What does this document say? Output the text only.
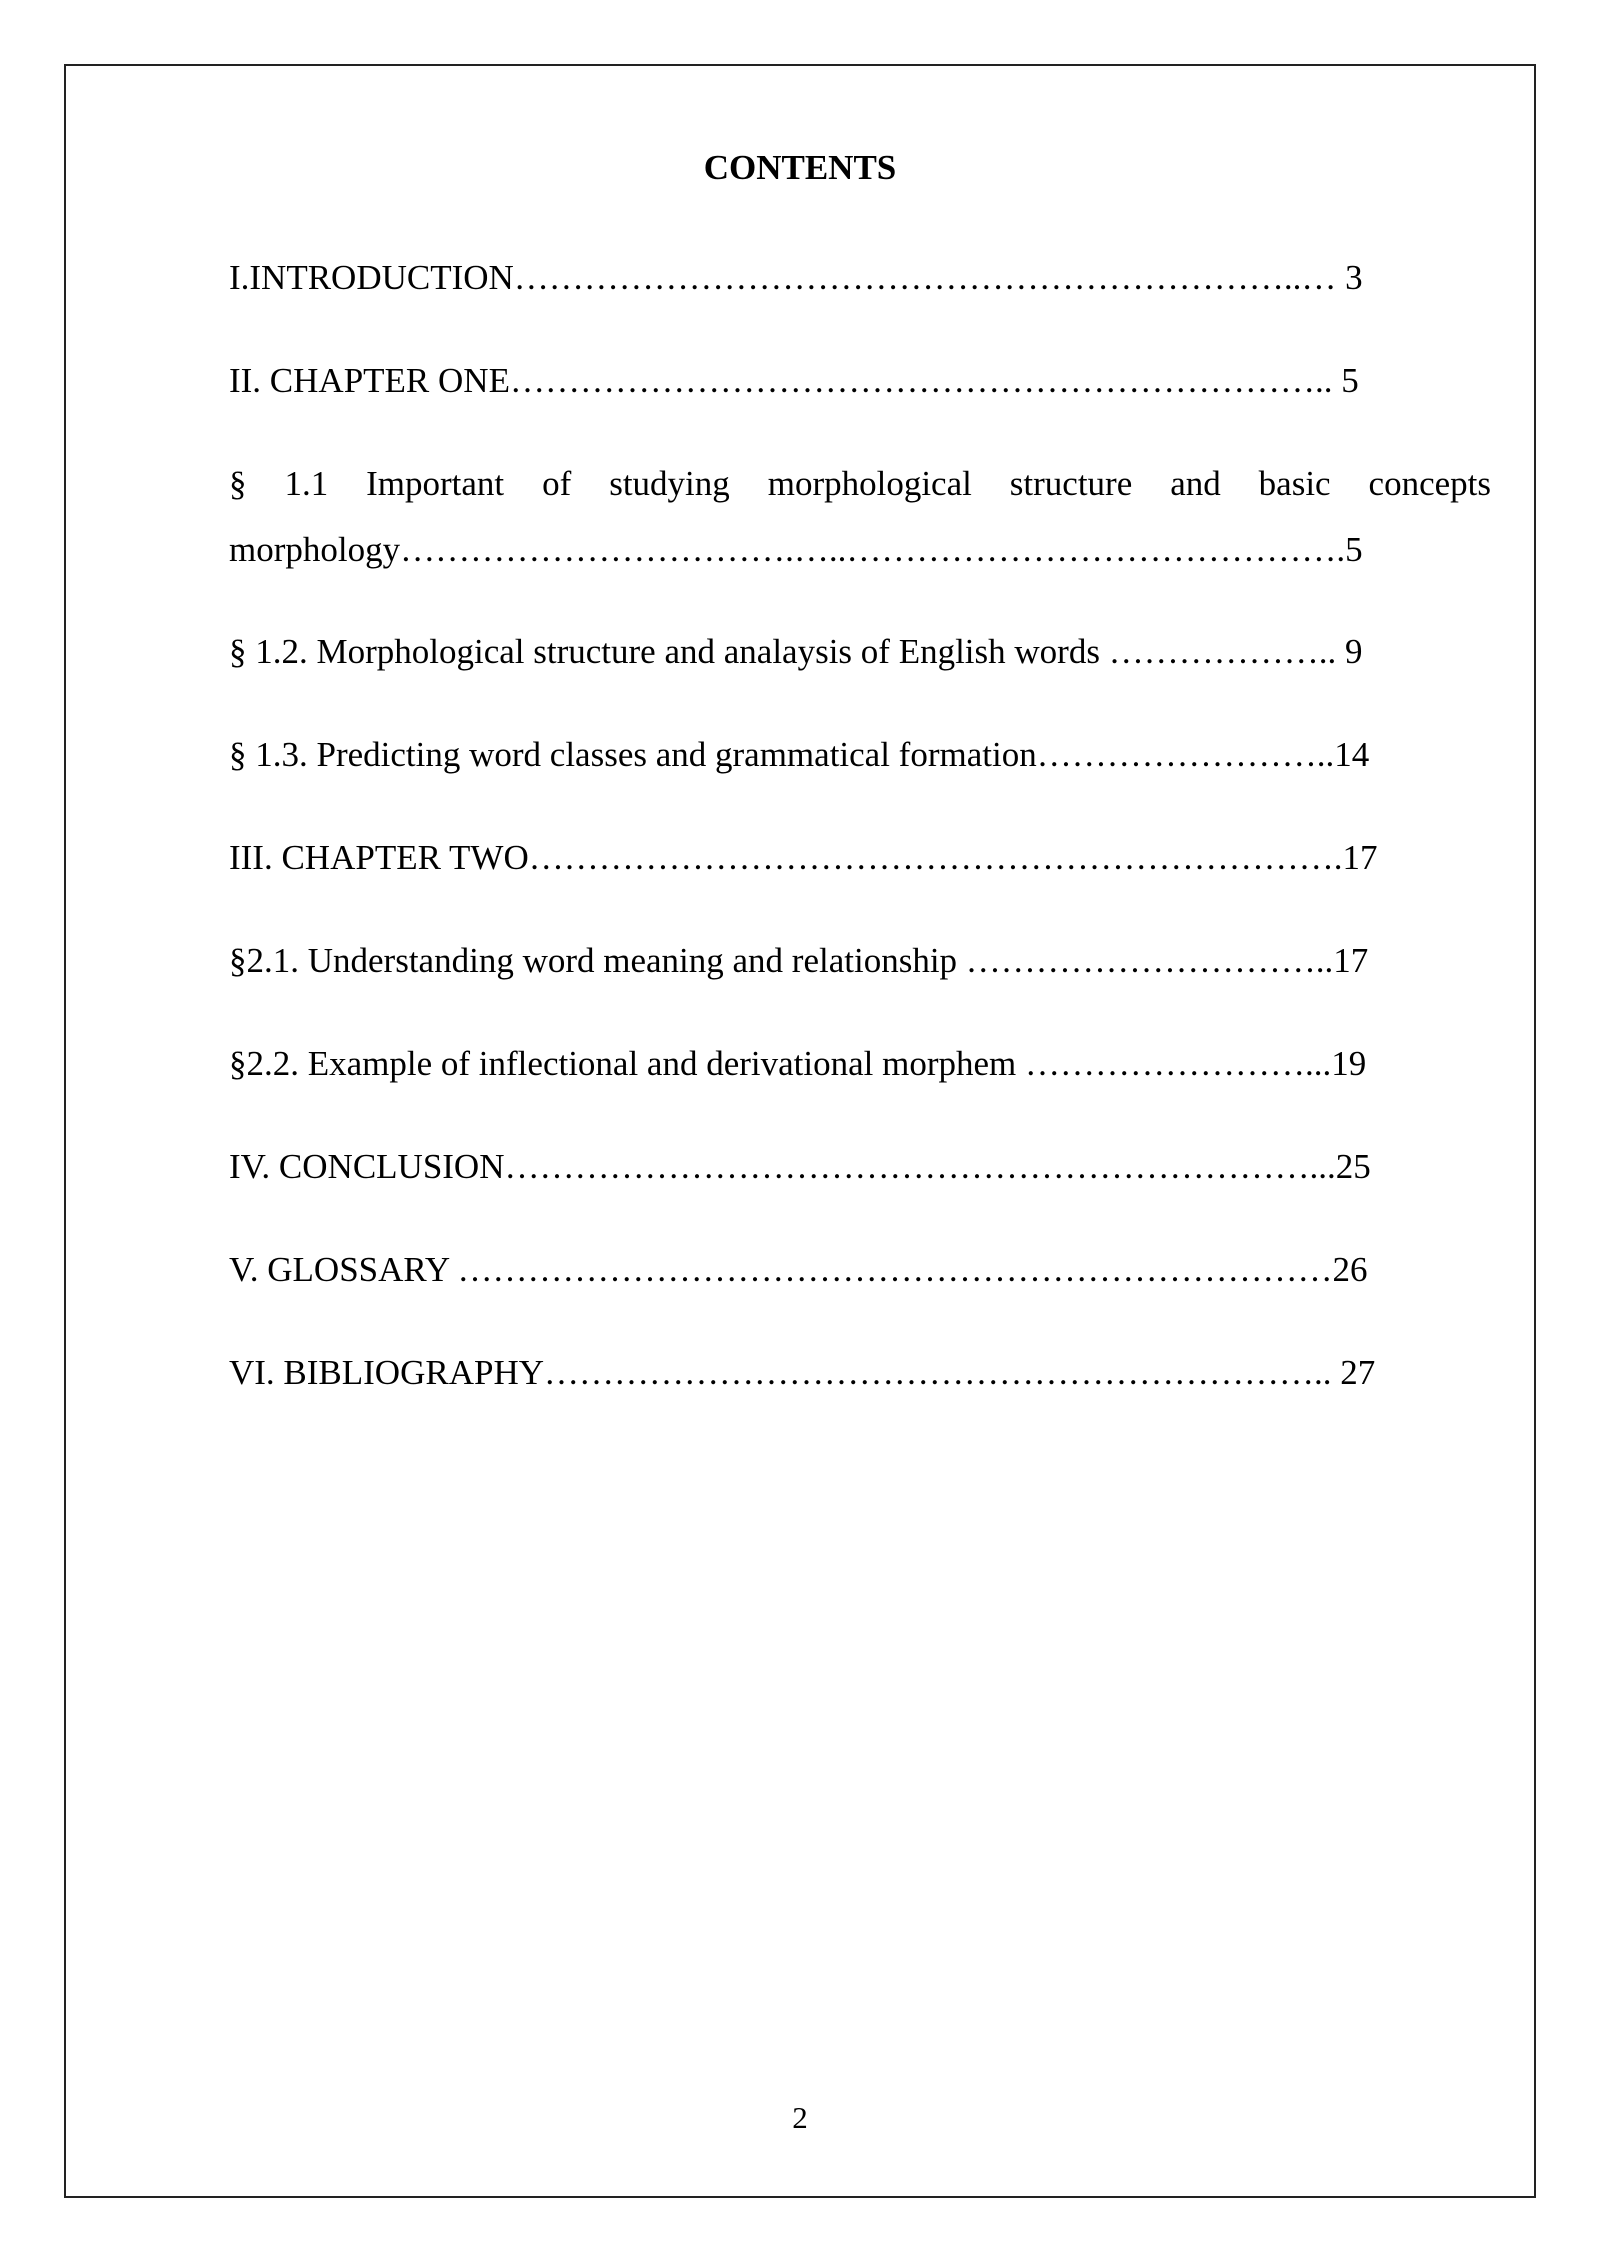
CONTENTS
I.INTRODUCTION…………………………………………………………..… 3
II. CHAPTER ONE…………………………………………………………….. 5
§ 1.1 Important of studying morphological structure and basic concepts
morphology…………………………….…..…………………………………….5
§ 1.2. Morphological structure and analaysis of English words ……………….. 9
§ 1.3. Predicting word classes and grammatical formation……………………..14
III. CHAPTER TWO…………………………………………………………….17
§2.1. Understanding word meaning and relationship …………………………..17
§2.2. Example of inflectional and derivational morphem ……………………...19
IV. CONCLUSION……………………………………………………………...25
V. GLOSSARY …………………………………………………………………26
VI. BIBLIOGRAPHY………………………………………………………….. 27
2
